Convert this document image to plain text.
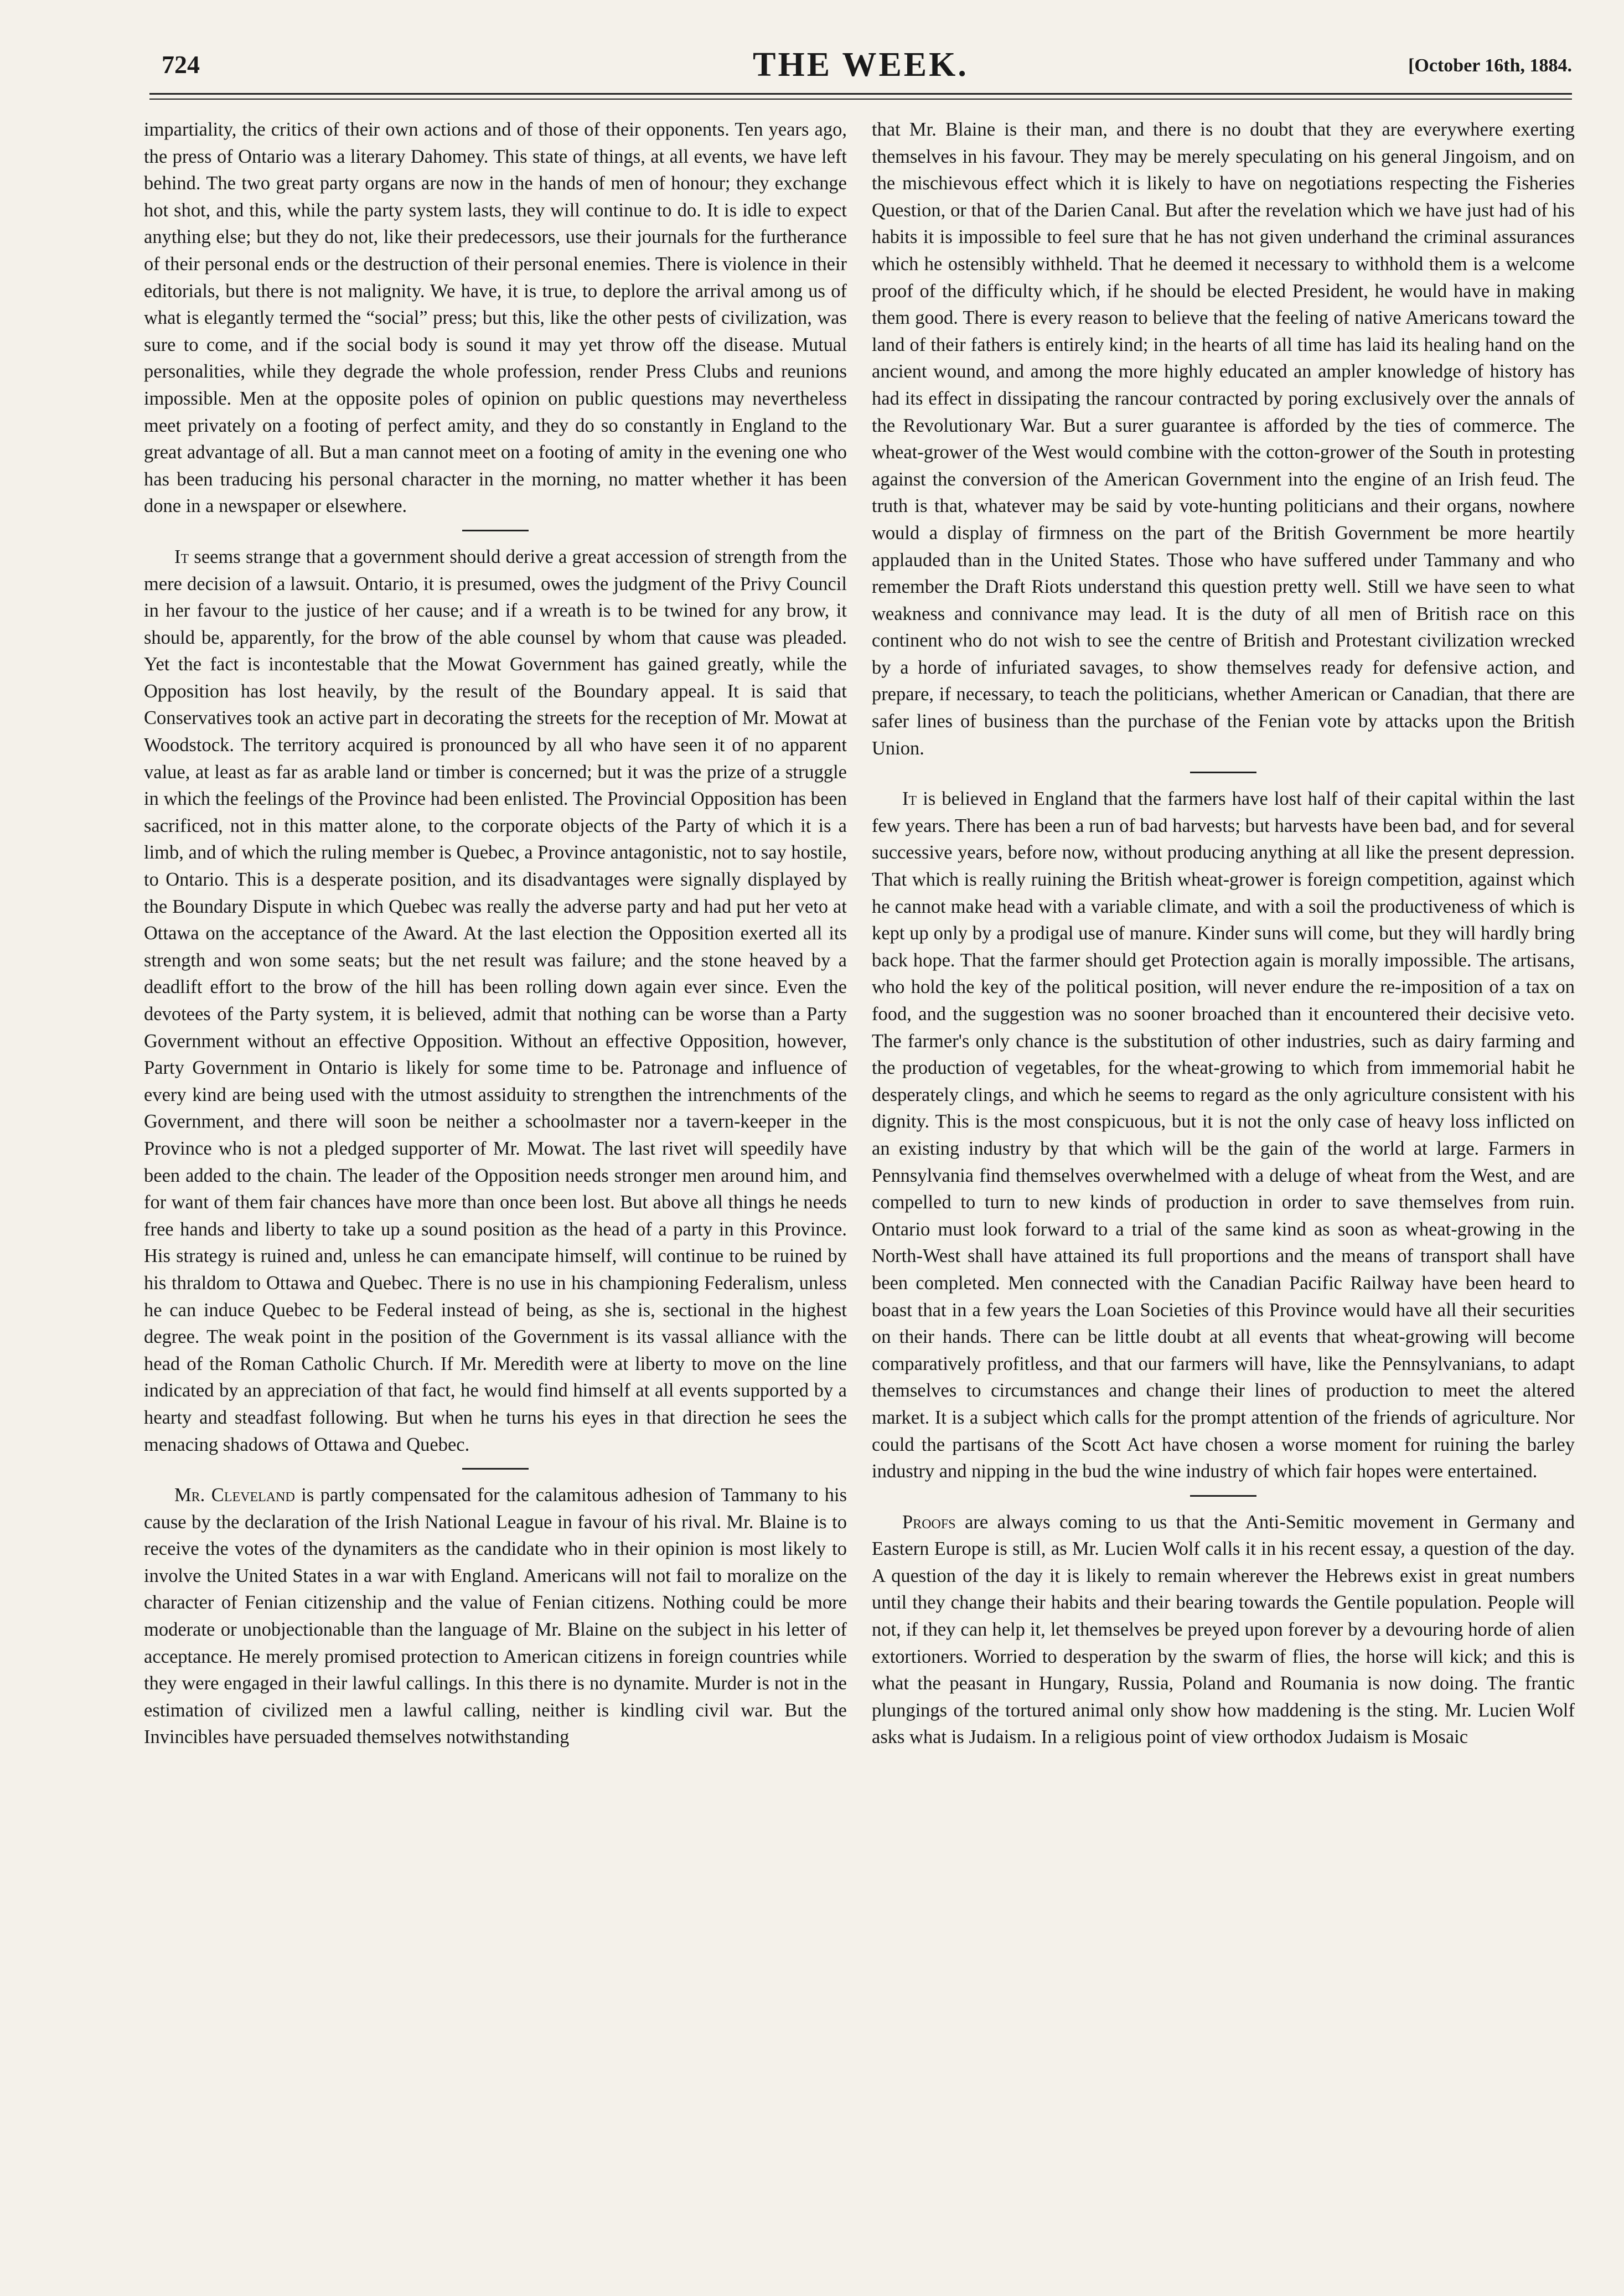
724	THE WEEK.	[October 16th, 1884.

impartiality, the critics of their own actions and of those of their opponents. Ten years ago, the press of Ontario was a literary Dahomey. This state of things, at all events, we have left behind. The two great party organs are now in the hands of men of honour; they exchange hot shot, and this, while the party system lasts, they will continue to do. It is idle to expect anything else; but they do not, like their predecessors, use their journals for the furtherance of their personal ends or the destruction of their personal enemies. There is violence in their editorials, but there is not malignity. We have, it is true, to deplore the arrival among us of what is elegantly termed the “social” press; but this, like the other pests of civilization, was sure to come, and if the social body is sound it may yet throw off the disease. Mutual personalities, while they degrade the whole profession, render Press Clubs and reunions impossible. Men at the opposite poles of opinion on public questions may nevertheless meet privately on a footing of perfect amity, and they do so constantly in England to the great advantage of all. But a man cannot meet on a footing of amity in the evening one who has been traducing his personal character in the morning, no matter whether it has been done in a newspaper or elsewhere.

It seems strange that a government should derive a great accession of strength from the mere decision of a lawsuit. Ontario, it is presumed, owes the judgment of the Privy Council in her favour to the justice of her cause; and if a wreath is to be twined for any brow, it should be, apparently, for the brow of the able counsel by whom that cause was pleaded. Yet the fact is incontestable that the Mowat Government has gained greatly, while the Opposition has lost heavily, by the result of the Boundary appeal. It is said that Conservatives took an active part in decorating the streets for the reception of Mr. Mowat at Woodstock. The territory acquired is pronounced by all who have seen it of no apparent value, at least as far as arable land or timber is concerned; but it was the prize of a struggle in which the feelings of the Province had been enlisted. The Provincial Opposition has been sacrificed, not in this matter alone, to the corporate objects of the Party of which it is a limb, and of which the ruling member is Quebec, a Province antagonistic, not to say hostile, to Ontario. This is a desperate position, and its disadvantages were signally displayed by the Boundary Dispute in which Quebec was really the adverse party and had put her veto at Ottawa on the acceptance of the Award. At the last election the Opposition exerted all its strength and won some seats; but the net result was failure; and the stone heaved by a deadlift effort to the brow of the hill has been rolling down again ever since. Even the devotees of the Party system, it is believed, admit that nothing can be worse than a Party Government without an effective Opposition. Without an effective Opposition, however, Party Government in Ontario is likely for some time to be. Patronage and influence of every kind are being used with the utmost assiduity to strengthen the intrenchments of the Government, and there will soon be neither a schoolmaster nor a tavern-keeper in the Province who is not a pledged supporter of Mr. Mowat. The last rivet will speedily have been added to the chain. The leader of the Opposition needs stronger men around him, and for want of them fair chances have more than once been lost. But above all things he needs free hands and liberty to take up a sound position as the head of a party in this Province. His strategy is ruined and, unless he can emancipate himself, will continue to be ruined by his thraldom to Ottawa and Quebec. There is no use in his championing Federalism, unless he can induce Quebec to be Federal instead of being, as she is, sectional in the highest degree. The weak point in the position of the Government is its vassal alliance with the head of the Roman Catholic Church. If Mr. Meredith were at liberty to move on the line indicated by an appreciation of that fact, he would find himself at all events supported by a hearty and steadfast following. But when he turns his eyes in that direction he sees the menacing shadows of Ottawa and Quebec.

Mr. Cleveland is partly compensated for the calamitous adhesion of Tammany to his cause by the declaration of the Irish National League in favour of his rival. Mr. Blaine is to receive the votes of the dynamiters as the candidate who in their opinion is most likely to involve the United States in a war with England. Americans will not fail to moralize on the character of Fenian citizenship and the value of Fenian citizens. Nothing could be more moderate or unobjectionable than the language of Mr. Blaine on the subject in his letter of acceptance. He merely promised protection to American citizens in foreign countries while they were engaged in their lawful callings. In this there is no dynamite. Murder is not in the estimation of civilized men a lawful calling, neither is kindling civil war. But the Invincibles have persuaded themselves notwithstanding

that Mr. Blaine is their man, and there is no doubt that they are everywhere exerting themselves in his favour. They may be merely speculating on his general Jingoism, and on the mischievous effect which it is likely to have on negotiations respecting the Fisheries Question, or that of the Darien Canal. But after the revelation which we have just had of his habits it is impossible to feel sure that he has not given underhand the criminal assurances which he ostensibly withheld. That he deemed it necessary to withhold them is a welcome proof of the difficulty which, if he should be elected President, he would have in making them good. There is every reason to believe that the feeling of native Americans toward the land of their fathers is entirely kind; in the hearts of all time has laid its healing hand on the ancient wound, and among the more highly educated an ampler knowledge of history has had its effect in dissipating the rancour contracted by poring exclusively over the annals of the Revolutionary War. But a surer guarantee is afforded by the ties of commerce. The wheat-grower of the West would combine with the cotton-grower of the South in protesting against the conversion of the American Government into the engine of an Irish feud. The truth is that, whatever may be said by vote-hunting politicians and their organs, nowhere would a display of firmness on the part of the British Government be more heartily applauded than in the United States. Those who have suffered under Tammany and who remember the Draft Riots understand this question pretty well. Still we have seen to what weakness and connivance may lead. It is the duty of all men of British race on this continent who do not wish to see the centre of British and Protestant civilization wrecked by a horde of infuriated savages, to show themselves ready for defensive action, and prepare, if necessary, to teach the politicians, whether American or Canadian, that there are safer lines of business than the purchase of the Fenian vote by attacks upon the British Union.

It is believed in England that the farmers have lost half of their capital within the last few years. There has been a run of bad harvests; but harvests have been bad, and for several successive years, before now, without producing anything at all like the present depression. That which is really ruining the British wheat-grower is foreign competition, against which he cannot make head with a variable climate, and with a soil the productiveness of which is kept up only by a prodigal use of manure. Kinder suns will come, but they will hardly bring back hope. That the farmer should get Protection again is morally impossible. The artisans, who hold the key of the political position, will never endure the re-imposition of a tax on food, and the suggestion was no sooner broached than it encountered their decisive veto. The farmer's only chance is the substitution of other industries, such as dairy farming and the production of vegetables, for the wheat-growing to which from immemorial habit he desperately clings, and which he seems to regard as the only agriculture consistent with his dignity. This is the most conspicuous, but it is not the only case of heavy loss inflicted on an existing industry by that which will be the gain of the world at large. Farmers in Pennsylvania find themselves overwhelmed with a deluge of wheat from the West, and are compelled to turn to new kinds of production in order to save themselves from ruin. Ontario must look forward to a trial of the same kind as soon as wheat-growing in the North-West shall have attained its full proportions and the means of transport shall have been completed. Men connected with the Canadian Pacific Railway have been heard to boast that in a few years the Loan Societies of this Province would have all their securities on their hands. There can be little doubt at all events that wheat-growing will become comparatively profitless, and that our farmers will have, like the Pennsylvanians, to adapt themselves to circumstances and change their lines of production to meet the altered market. It is a subject which calls for the prompt attention of the friends of agriculture. Nor could the partisans of the Scott Act have chosen a worse moment for ruining the barley industry and nipping in the bud the wine industry of which fair hopes were entertained.

Proofs are always coming to us that the Anti-Semitic movement in Germany and Eastern Europe is still, as Mr. Lucien Wolf calls it in his recent essay, a question of the day. A question of the day it is likely to remain wherever the Hebrews exist in great numbers until they change their habits and their bearing towards the Gentile population. People will not, if they can help it, let themselves be preyed upon forever by a devouring horde of alien extortioners. Worried to desperation by the swarm of flies, the horse will kick; and this is what the peasant in Hungary, Russia, Poland and Roumania is now doing. The frantic plungings of the tortured animal only show how maddening is the sting. Mr. Lucien Wolf asks what is Judaism. In a religious point of view orthodox Judaism is Mosaic
